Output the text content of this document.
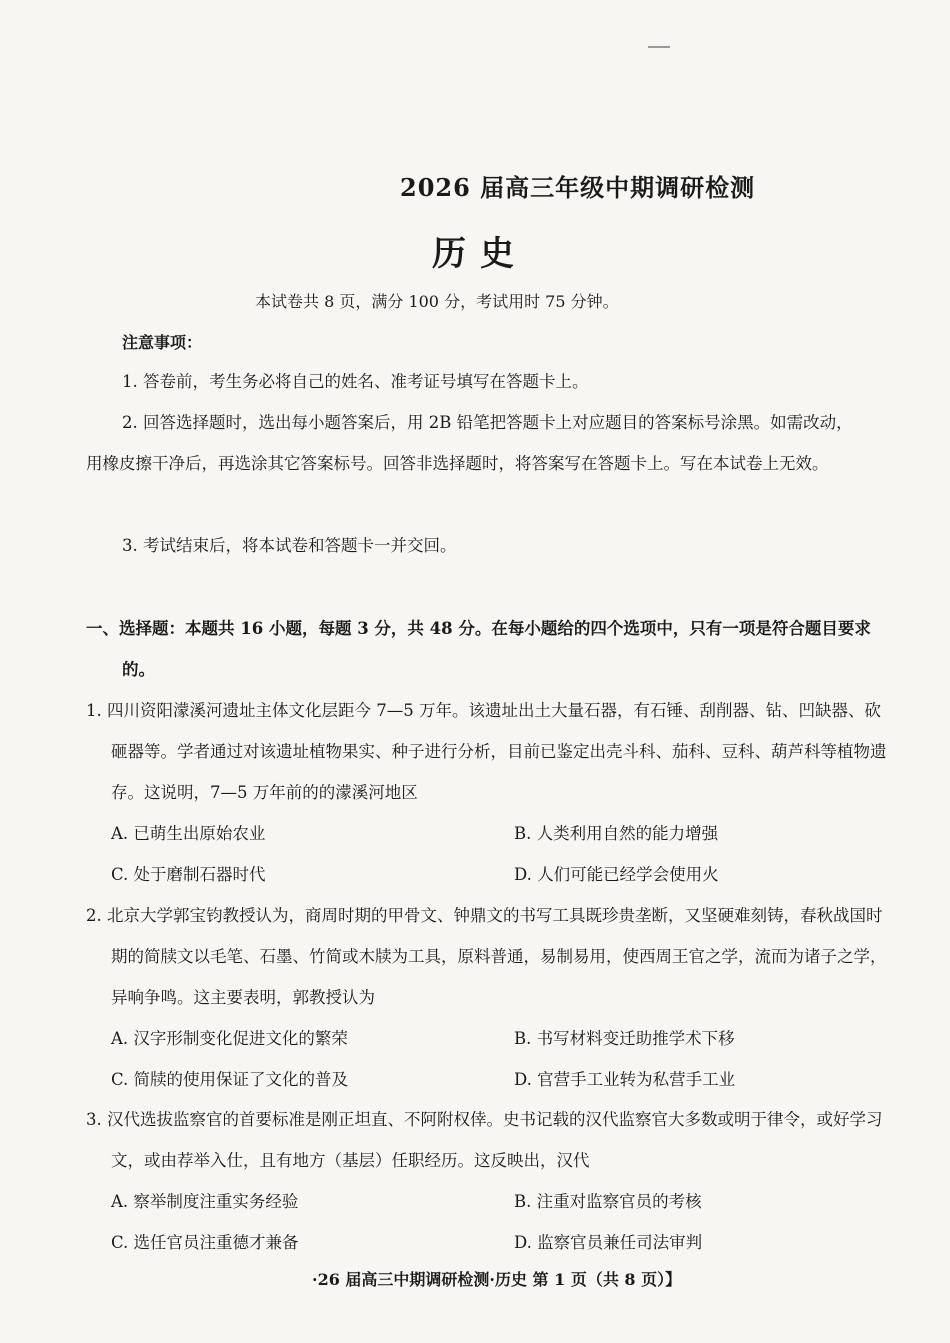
2026 届高三年级中期调研检测
历史
本试卷共 8 页，满分 100 分，考试用时 75 分钟。
注意事项：

1. 答卷前，考生务必将自己的姓名、准考证号填写在答题卡上。

2. 回答选择题时，选出每小题答案后，用 2B 铅笔把答题卡上对应题目的答案标号涂黑。如需改动，用橡皮擦干净后，再选涂其它答案标号。回答非选择题时，将答案写在答题卡上。写在本试卷上无效。

3. 考试结束后，将本试卷和答题卡一并交回。

一、选择题：本题共 16 小题，每题 3 分，共 48 分。在每小题给的四个选项中，只有一项是符合题目要求的。

1. 四川资阳濛溪河遗址主体文化层距今 7—5 万年。该遗址出土大量石器，有石锤、刮削器、钻、凹缺器、砍砸器等。学者通过对该遗址植物果实、种子进行分析，目前已鉴定出壳斗科、茄科、豆科、葫芦科等植物遗存。这说明，7—5 万年前的的濛溪河地区

A. 已萌生出原始农业	B. 人类利用自然的能力增强
C. 处于磨制石器时代	D. 人们可能已经学会使用火

2. 北京大学郭宝钧教授认为，商周时期的甲骨文、钟鼎文的书写工具既珍贵垄断，又坚硬难刻铸，春秋战国时期的简牍文以毛笔、石墨、竹简或木牍为工具，原料普通，易制易用，使西周王官之学，流而为诸子之学，异响争鸣。这主要表明，郭教授认为

A. 汉字形制变化促进文化的繁荣	B. 书写材料变迁助推学术下移
C. 简牍的使用保证了文化的普及	D. 官营手工业转为私营手工业

3. 汉代选拔监察官的首要标准是刚正坦直、不阿附权倖。史书记载的汉代监察官大多数或明于律令，或好学习文，或由荐举入仕，且有地方（基层）任职经历。这反映出，汉代

A. 察举制度注重实务经验	B. 注重对监察官员的考核
C. 选任官员注重德才兼备	D. 监察官员兼任司法审判
·26 届高三中期调研检测·历史 第 1 页（共 8 页）】
